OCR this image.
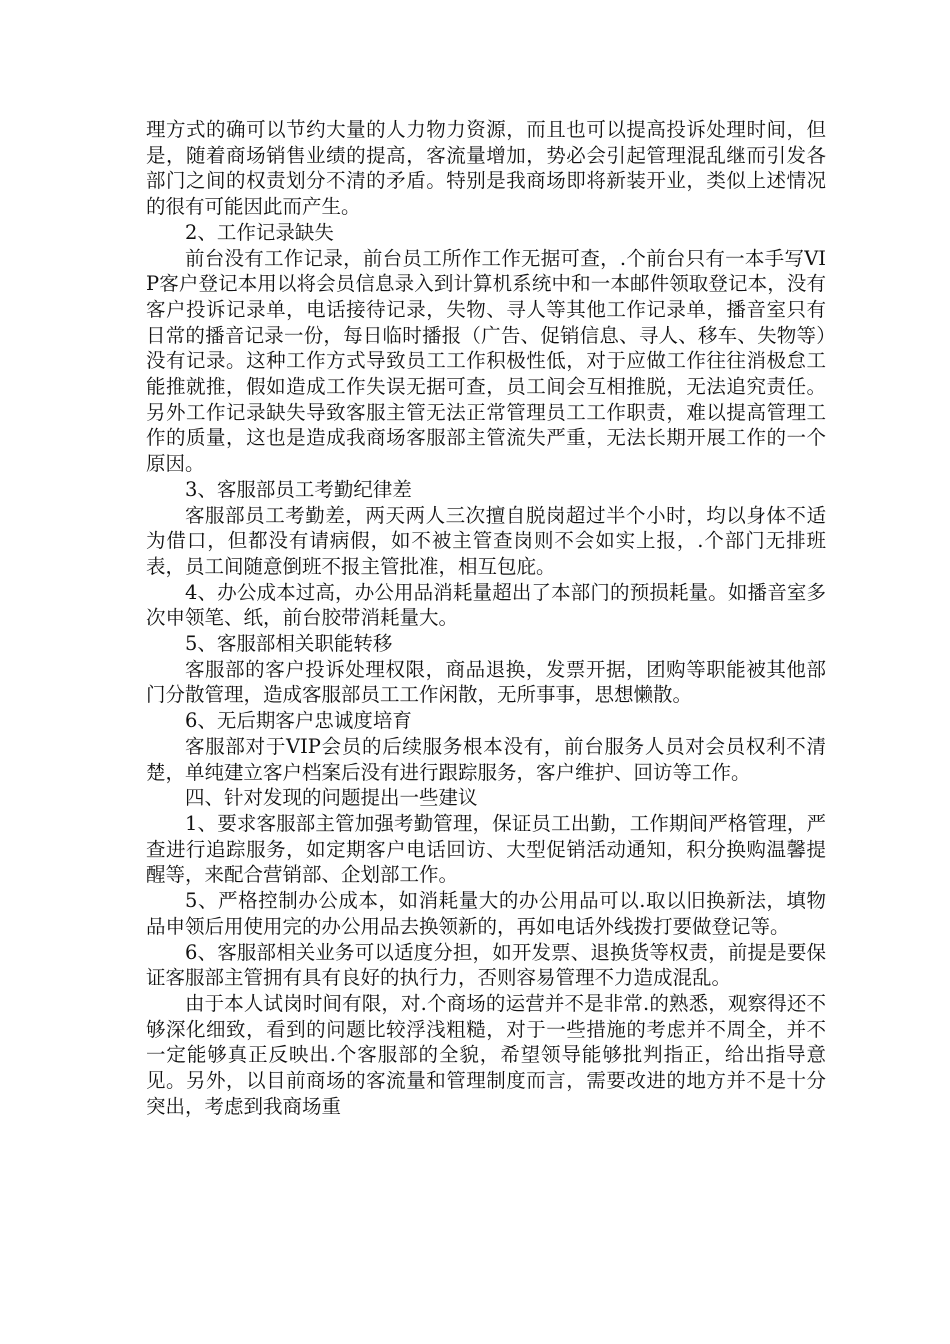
理方式的确可以节约大量的人力物力资源，而且也可以提高投诉处理时间，但是，随着商场销售业绩的提高，客流量增加，势必会引起管理混乱继而引发各部门之间的权责划分不清的矛盾。特别是我商场即将新装开业，类似上述情况的很有可能因此而产生。

2、工作记录缺失

前台没有工作记录，前台员工所作工作无据可查，.个前台只有一本手写VIP客户登记本用以将会员信息录入到计算机系统中和一本邮件领取登记本，没有客户投诉记录单，电话接待记录，失物、寻人等其他工作记录单，播音室只有日常的播音记录一份，每日临时播报（广告、促销信息、寻人、移车、失物等）没有记录。这种工作方式导致员工工作积极性低，对于应做工作往往消极怠工能推就推，假如造成工作失误无据可查，员工间会互相推脱，无法追究责任。另外工作记录缺失导致客服主管无法正常管理员工工作职责，难以提高管理工作的质量，这也是造成我商场客服部主管流失严重，无法长期开展工作的一个原因。

3、客服部员工考勤纪律差

客服部员工考勤差，两天两人三次擅自脱岗超过半个小时，均以身体不适为借口，但都没有请病假，如不被主管查岗则不会如实上报，.个部门无排班表，员工间随意倒班不报主管批准，相互包庇。

4、办公成本过高，办公用品消耗量超出了本部门的预损耗量。如播音室多次申领笔、纸，前台胶带消耗量大。

5、客服部相关职能转移

客服部的客户投诉处理权限，商品退换，发票开据，团购等职能被其他部门分散管理，造成客服部员工工作闲散，无所事事，思想懒散。

6、无后期客户忠诚度培育

客服部对于VIP会员的后续服务根本没有，前台服务人员对会员权利不清楚，单纯建立客户档案后没有进行跟踪服务，客户维护、回访等工作。

四、针对发现的问题提出一些建议

1、要求客服部主管加强考勤管理，保证员工出勤，工作期间严格管理，严查进行追踪服务，如定期客户电话回访、大型促销活动通知，积分换购温馨提醒等，来配合营销部、企划部工作。

5、严格控制办公成本，如消耗量大的办公用品可以.取以旧换新法，填物品申领后用使用完的办公用品去换领新的，再如电话外线拨打要做登记等。

6、客服部相关业务可以适度分担，如开发票、退换货等权责，前提是要保证客服部主管拥有具有良好的执行力，否则容易管理不力造成混乱。

由于本人试岗时间有限，对.个商场的运营并不是非常.的熟悉，观察得还不够深化细致，看到的问题比较浮浅粗糙，对于一些措施的考虑并不周全，并不一定能够真正反映出.个客服部的全貌，希望领导能够批判指正，给出指导意见。另外，以目前商场的客流量和管理制度而言，需要改进的地方并不是十分突出，考虑到我商场重
